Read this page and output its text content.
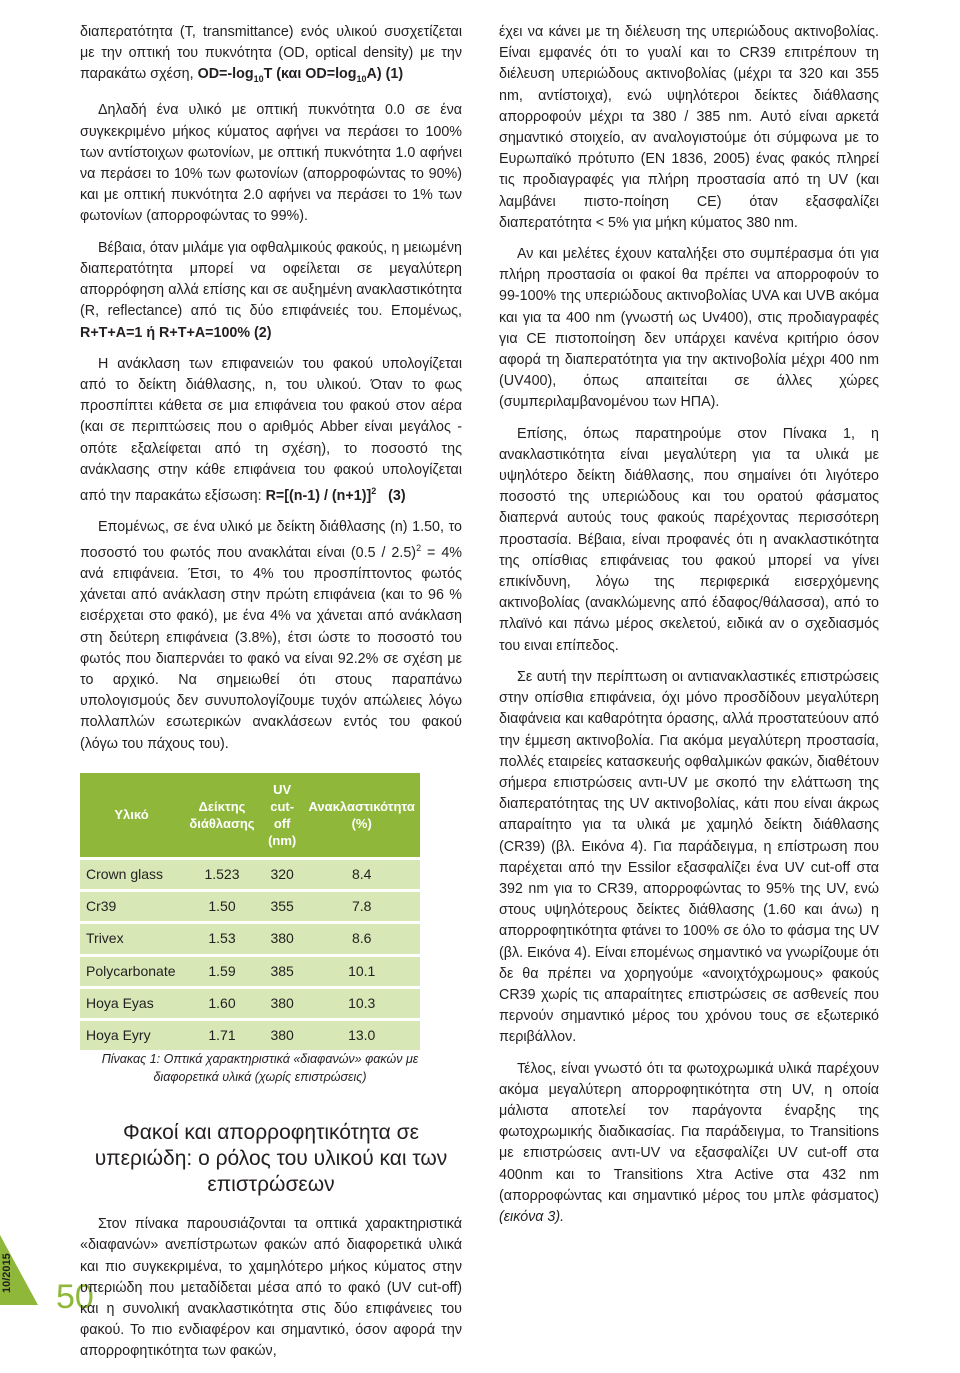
10/2015
50

διαπερατότητα (T, transmittance) ενός υλικού συσχετίζεται με την οπτική του πυκνότητα (OD, optical density) με την παρακάτω σχέση, $OD=-\log_{10}T$ (και $OD=\log_{10}A$) (1)

Δηλαδή ένα υλικό με οπτική πυκνότητα 0.0 σε ένα συγκεκριμένο μήκος κύματος αφήνει να περάσει το 100% των αντίστοιχων φωτονίων, με οπτική πυκνότητα 1.0 αφήνει να περάσει το 10% των φωτονίων (απορροφώντας το 90%) και με οπτική πυκνότητα 2.0 αφήνει να περάσει το 1% των φωτονίων (απορροφώντας το 99%).

Βέβαια, όταν μιλάμε για οφθαλμικούς φακούς, η μειωμένη διαπερατότητα μπορεί να οφείλεται σε μεγαλύτερη απορρόφηση αλλά επίσης και σε αυξημένη ανακλαστικότητα (R, reflectance) από τις δύο επιφάνειές του. Επομένως, R+T+A=1 ή R+T+A=100% (2)

Η ανάκλαση των επιφανειών του φακού υπολογίζεται από το δείκτη διάθλασης, n, του υλικού. Όταν το φως προσπίπτει κάθετα σε μια επιφάνεια του φακού στον αέρα (και σε περιπτώσεις που ο αριθμός Abber είναι μεγάλος - οπότε εξαλείφεται από τη σχέση), το ποσοστό της ανάκλασης στην κάθε επιφάνεια του φακού υπολογίζεται από την παρακάτω εξίσωση: $R=[(n-1) / (n+1)]^2$ (3)

Επομένως, σε ένα υλικό με δείκτη διάθλασης (n) 1.50, το ποσοστό του φωτός που ανακλάται είναι (0.5 / 2.5)$^2$ = 4% ανά επιφάνεια. Έτσι, το 4% του προσπίπτοντος φωτός χάνεται από ανάκλαση στην πρώτη επιφάνεια (και το 96 % εισέρχεται στο φακό), με ένα 4% να χάνεται από ανάκλαση στη δεύτερη επιφάνεια (3.8%), έτσι ώστε το ποσοστό του φωτός που διαπερνάει το φακό να είναι 92.2% σε σχέση με το αρχικό. Να σημειωθεί ότι στους παραπάνω υπολογισμούς δεν συνυπολογίζουμε τυχόν απώλειες λόγω πολλαπλών εσωτερικών ανακλάσεων εντός του φακού (λόγω του πάχους του).

Υλικό	Δείκτης διάθλασης	UV cut-off (nm)	Ανακλαστικότητα (%)
Crown glass	1.523	320	8.4
Cr39	1.50	355	7.8
Trivex	1.53	380	8.6
Polycarbonate	1.59	385	10.1
Hoya Eyas	1.60	380	10.3
Hoya Eyry	1.71	380	13.0

Πίνακας 1: Οπτικά χαρακτηριστικά «διαφανών» φακών με διαφορετικά υλικά (χωρίς επιστρώσεις)

Φακοί και απορροφητικότητα σε υπεριώδη: ο ρόλος του υλικού και των επιστρώσεων

Στον πίνακα παρουσιάζονται τα οπτικά χαρακτηριστικά «διαφανών» ανεπίστρωτων φακών από διαφορετικά υλικά και πιο συγκεκριμένα, το χαμηλότερο μήκος κύματος στην υπεριώδη που μεταδίδεται μέσα από το φακό (UV cut-off) και η συνολική ανακλαστικότητα στις δύο επιφάνειες του φακού. Το πιο ενδιαφέρον και σημαντικό, όσον αφορά την απορροφητικότητα των φακών,

έχει να κάνει με τη διέλευση της υπεριώδους ακτινοβολίας. Είναι εμφανές ότι το γυαλί και το CR39 επιτρέπουν τη διέλευση υπεριώδους ακτινοβολίας (μέχρι τα 320 και 355 nm, αντίστοιχα), ενώ υψηλότεροι δείκτες διάθλασης απορροφούν μέχρι τα 380 / 385 nm. Αυτό είναι αρκετά σημαντικό στοιχείο, αν αναλογιστούμε ότι σύμφωνα με το Ευρωπαϊκό πρότυπο (EN 1836, 2005) ένας φακός πληρεί τις προδιαγραφές για πλήρη προστασία από τη UV (και λαμβάνει πιστο-ποίηση CE) όταν εξασφαλίζει διαπερατότητα < 5% για μήκη κύματος 380 nm.

Αν και μελέτες έχουν καταλήξει στο συμπέρασμα ότι για πλήρη προστασία οι φακοί θα πρέπει να απορροφούν το 99-100% της υπεριώδους ακτινοβολίας UVA και UVB ακόμα και για τα 400 nm (γνωστή ως Uv400), στις προδιαγραφές για CE πιστοποίηση δεν υπάρχει κανένα κριτήριο όσον αφορά τη διαπερατότητα για την ακτινοβολία μέχρι 400 nm (UV400), όπως απαιτείται σε άλλες χώρες (συμπεριλαμβανομένου των ΗΠΑ).

Επίσης, όπως παρατηρούμε στον Πίνακα 1, η ανακλαστικότητα είναι μεγαλύτερη για τα υλικά με υψηλότερο δείκτη διάθλασης, που σημαίνει ότι λιγότερο ποσοστό της υπεριώδους και του ορατού φάσματος διαπερνά αυτούς τους φακούς παρέχοντας περισσότερη προστασία. Βέβαια, είναι προφανές ότι η ανακλαστικότητα της οπίσθιας επιφάνειας του φακού μπορεί να γίνει επικίνδυνη, λόγω της περιφερικά εισερχόμενης ακτινοβολίας (ανακλώμενης από έδαφος/θάλασσα), από το πλαϊνό και πάνω μέρος σκελετού, ειδικά αν ο σχεδιασμός του ειναι επίπεδος.

Σε αυτή την περίπτωση οι αντιανακλαστικές επιστρώσεις στην οπίσθια επιφάνεια, όχι μόνο προσδίδουν μεγαλύτερη διαφάνεια και καθαρότητα όρασης, αλλά προστατεύουν από την έμμεση ακτινοβολία. Για ακόμα μεγαλύτερη προστασία, πολλές εταιρείες κατασκευής οφθαλμικών φακών, διαθέτουν σήμερα επιστρώσεις αντι-UV με σκοπό την ελάττωση της διαπερατότητας της UV ακτινοβολίας, κάτι που είναι άκρως απαραίτητο για τα υλικά με χαμηλό δείκτη διάθλασης (CR39) (βλ. Εικόνα 4). Για παράδειγμα, η επίστρωση που παρέχεται από την Essilor εξασφαλίζει ένα UV cut-off στα 392 nm για το CR39, απορροφώντας το 95% της UV, ενώ στους υψηλότερους δείκτες διάθλασης (1.60 και άνω) η απορροφητικότητα φτάνει το 100% σε όλο το φάσμα της UV (βλ. Εικόνα 4). Είναι επομένως σημαντικό να γνωρίζουμε ότι δε θα πρέπει να χορηγούμε «ανοιχτόχρωμους» φακούς CR39 χωρίς τις απαραίτητες επιστρώσεις σε ασθενείς που περνούν σημαντικό μέρος του χρόνου τους σε εξωτερικό περιβάλλον.

Τέλος, είναι γνωστό ότι τα φωτοχρωμικά υλικά παρέχουν ακόμα μεγαλύτερη απορροφητικότητα στη UV, η οποία μάλιστα αποτελεί τον παράγοντα έναρξης της φωτοχρωμικής διαδικασίας. Για παράδειγμα, το Transitions με επιστρώσεις αντι-UV να εξασφαλίζει UV cut-off στα 400nm και το Transitions Xtra Active στα 432 nm (απορροφώντας και σημαντικό μέρος του μπλε φάσματος) (εικόνα 3).
